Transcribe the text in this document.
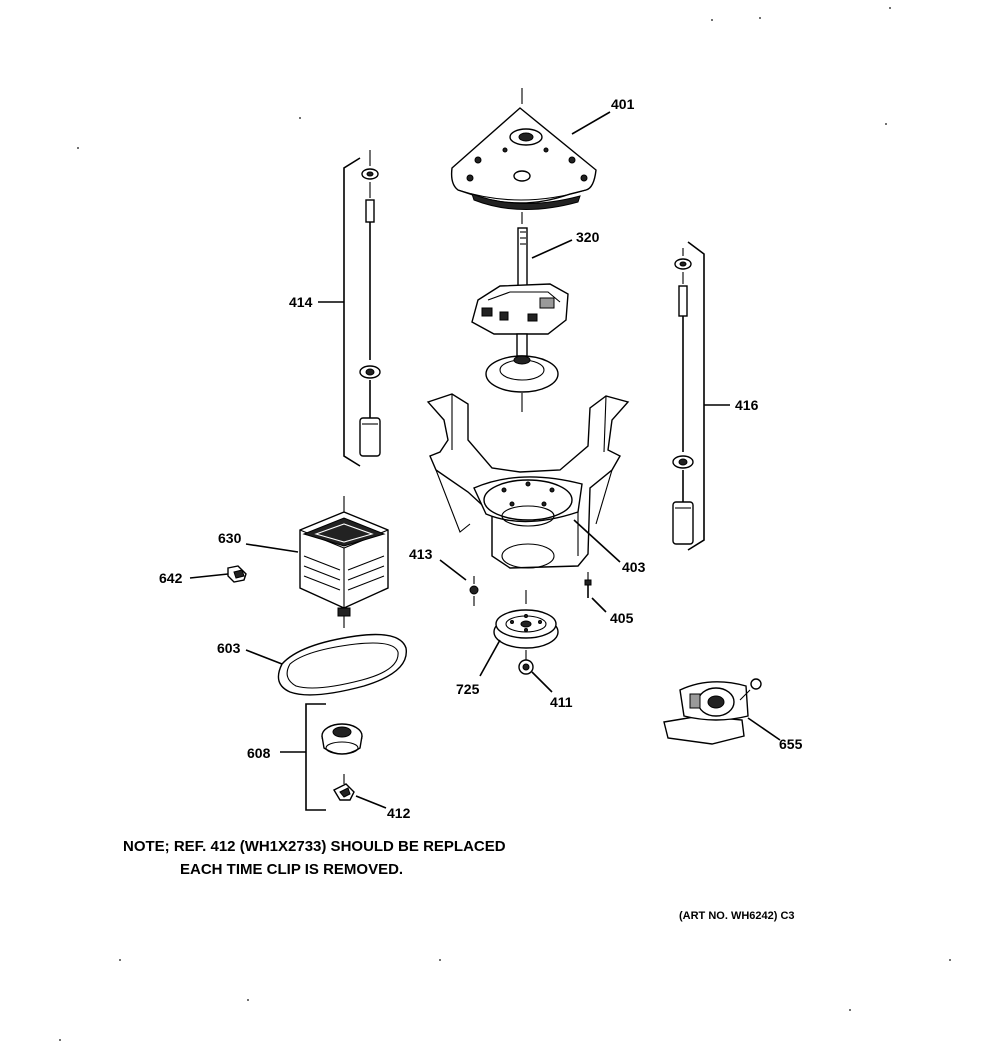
401
320
414
416
630
642
413
403
405
603
725
411
655
608
412
NOTE; REF. 412 (WH1X2733) SHOULD BE REPLACED
EACH TIME CLIP IS REMOVED.
(ART NO. WH6242) C3
